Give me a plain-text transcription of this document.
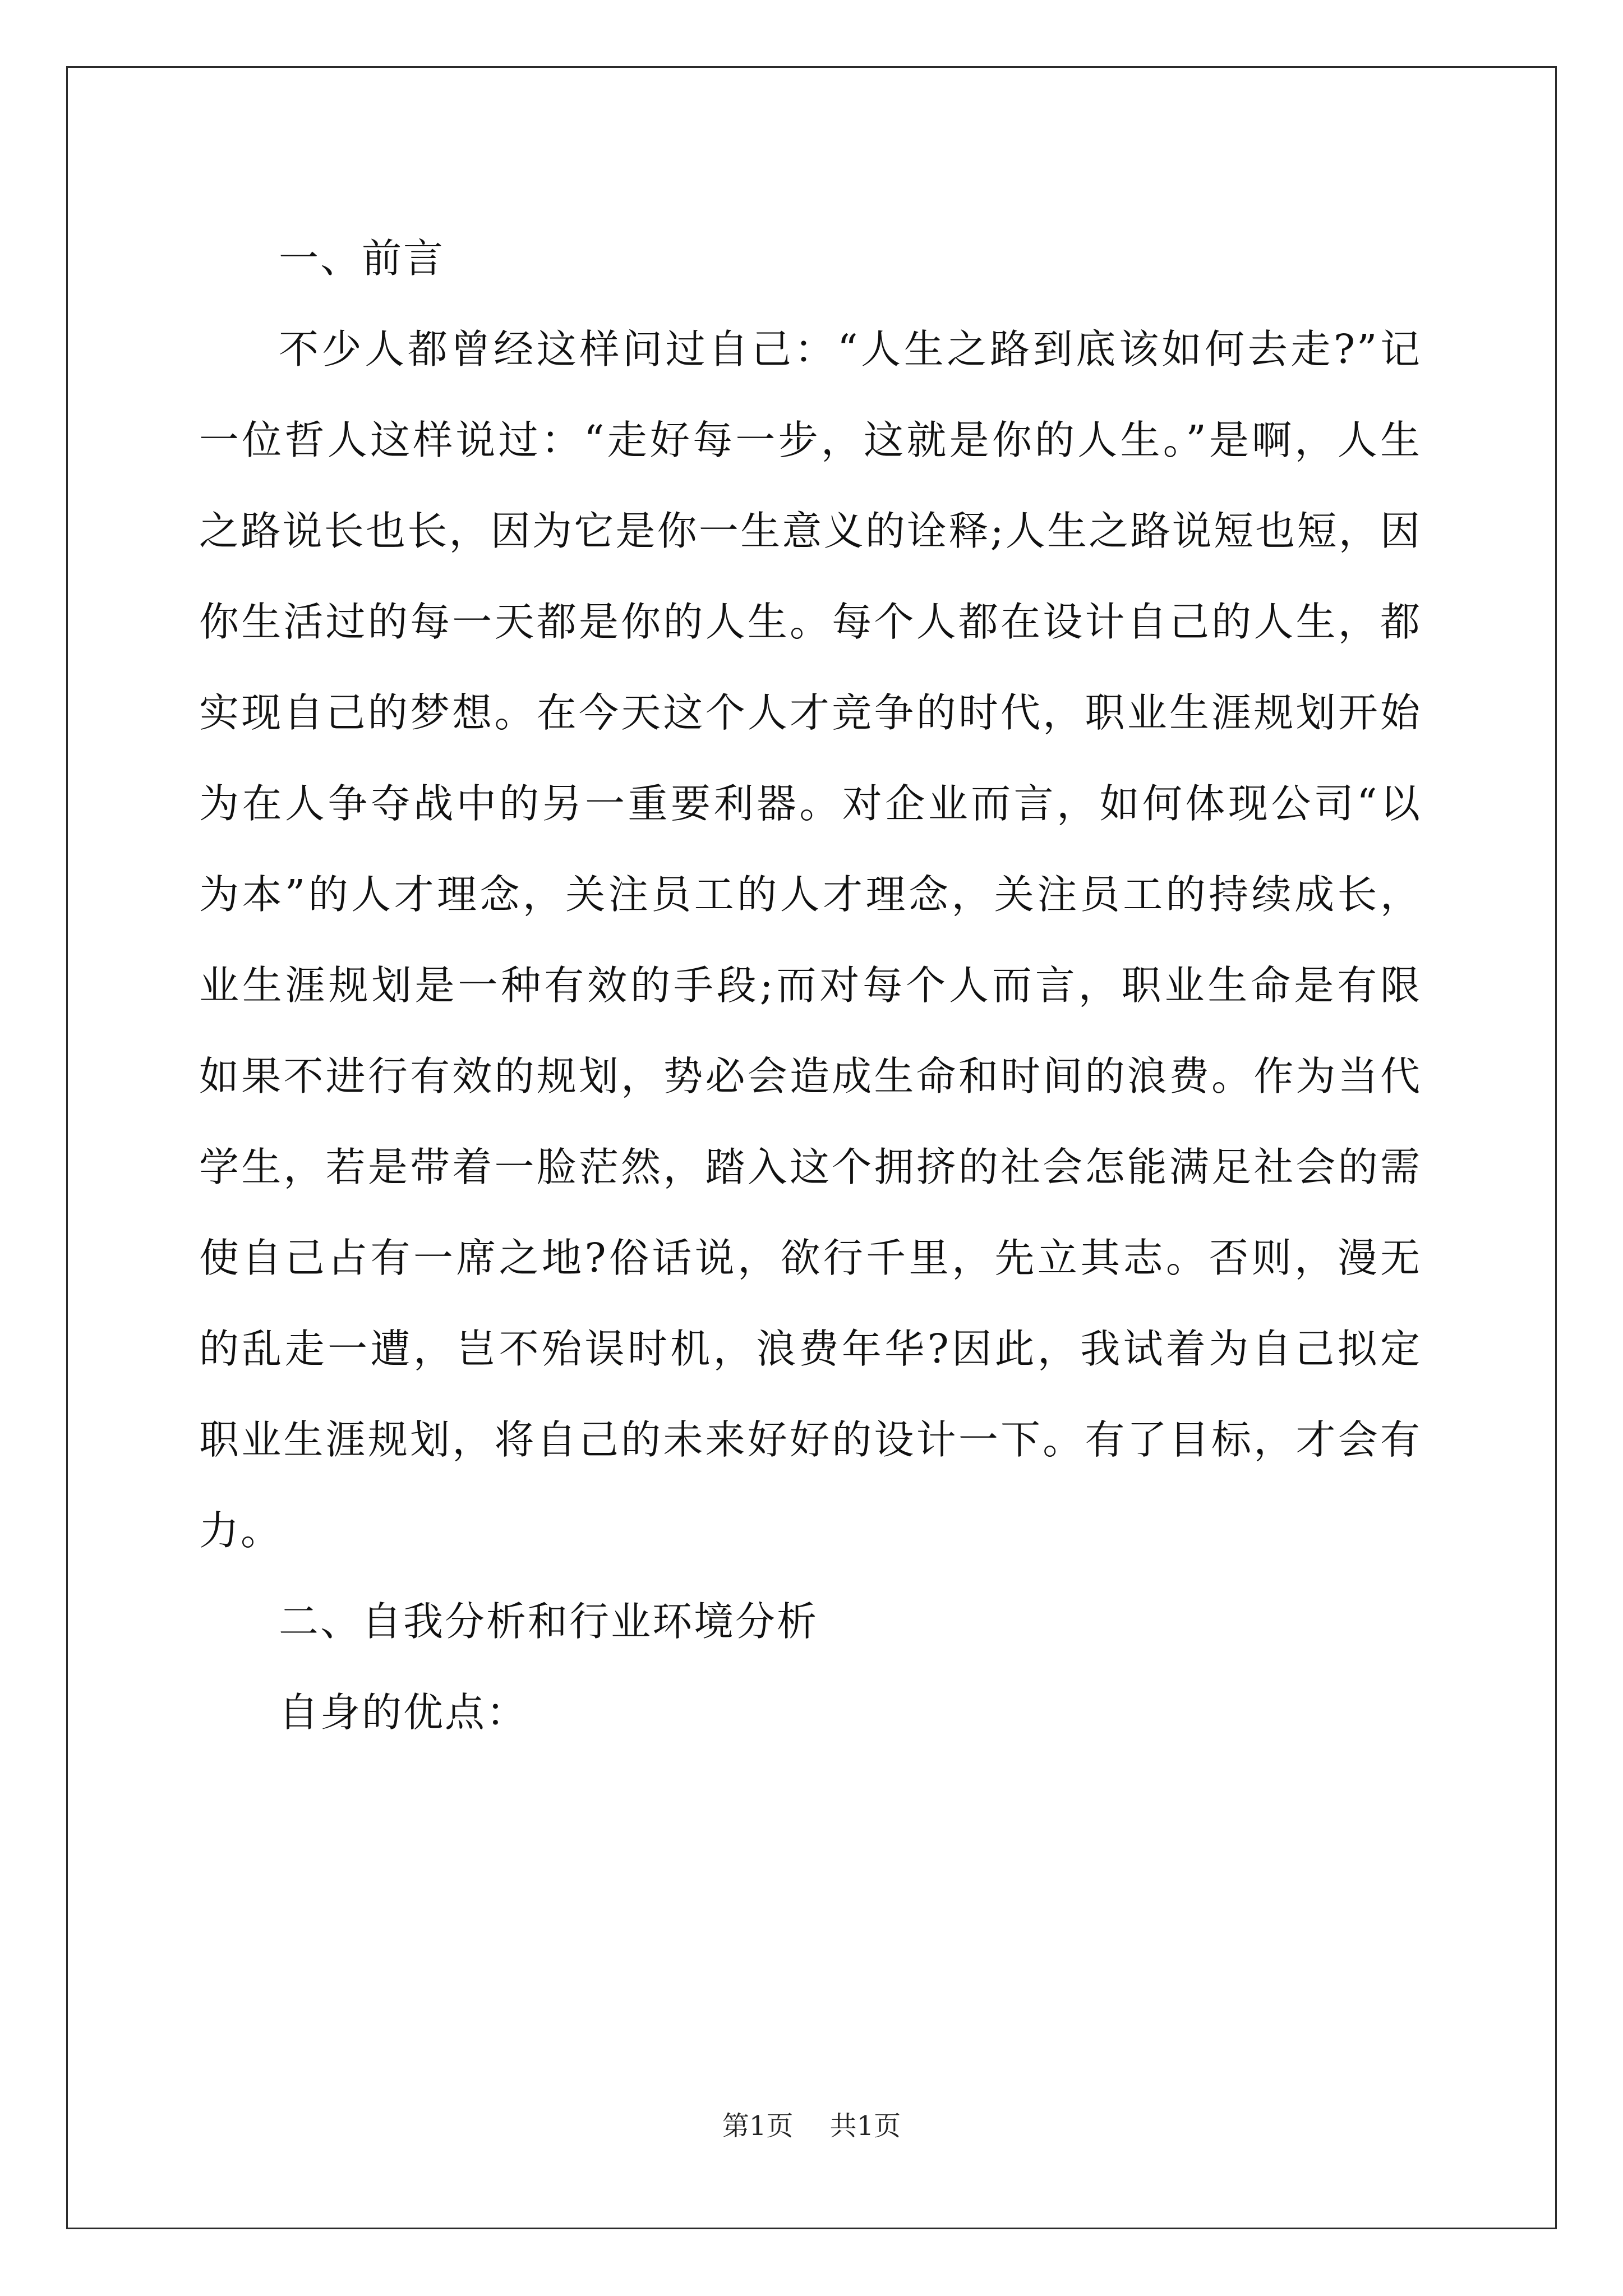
一、前言
不少人都曾经这样问过自己：“人生之路到底该如何去走?”记
一位哲人这样说过：“走好每一步，这就是你的人生。”是啊，人生
之路说长也长，因为它是你一生意义的诠释;人生之路说短也短，因
你生活过的每一天都是你的人生。每个人都在设计自己的人生，都
实现自己的梦想。在今天这个人才竞争的时代，职业生涯规划开始
为在人争夺战中的另一重要利器。对企业而言，如何体现公司“以
为本”的人才理念，关注员工的人才理念，关注员工的持续成长，
业生涯规划是一种有效的手段;而对每个人而言，职业生命是有限
如果不进行有效的规划，势必会造成生命和时间的浪费。作为当代
学生，若是带着一脸茫然，踏入这个拥挤的社会怎能满足社会的需
使自己占有一席之地?俗话说，欲行千里，先立其志。否则，漫无
的乱走一遭，岂不殆误时机，浪费年华?因此，我试着为自己拟定
职业生涯规划，将自己的未来好好的设计一下。有了目标，才会有
力。
二、自我分析和行业环境分析
自身的优点：
第1页 共1页
